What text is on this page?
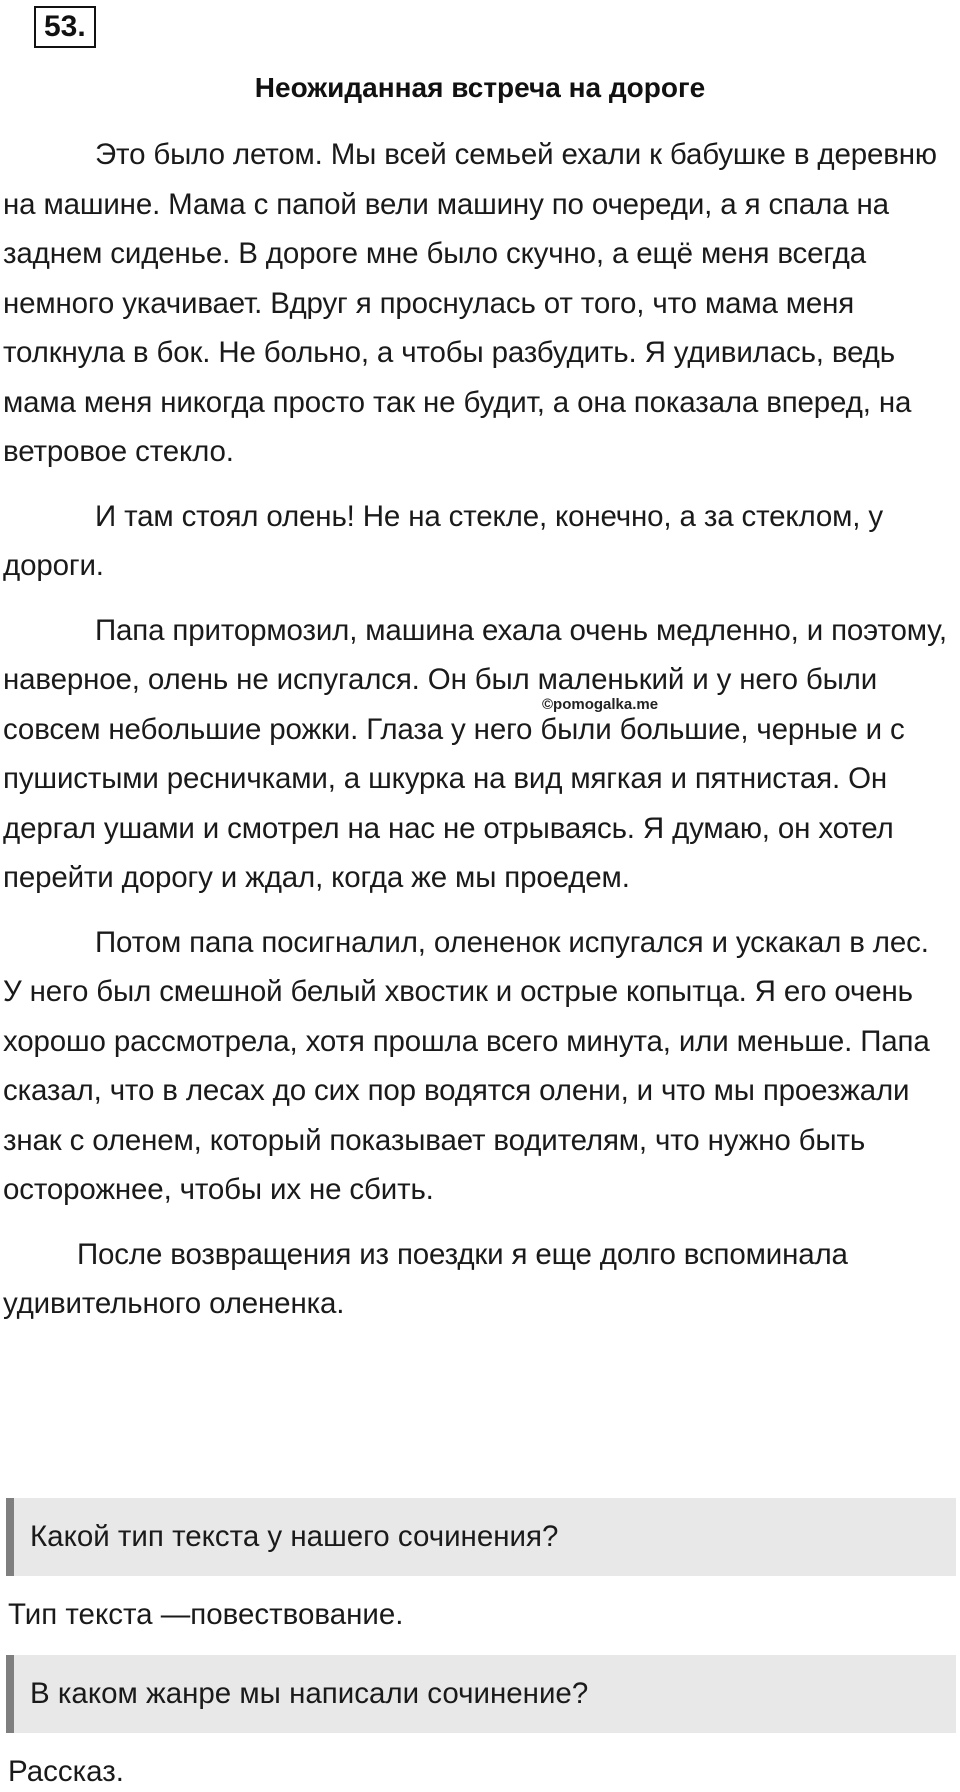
53.
Неожиданная встреча на дороге

Это было летом. Мы всей семьей ехали к бабушке в деревню на машине. Мама с папой вели машину по очереди, а я спала на заднем сиденье. В дороге мне было скучно, а ещё меня всегда немного укачивает. Вдруг я проснулась от того, что мама меня толкнула в бок. Не больно, а чтобы разбудить. Я удивилась, ведь мама меня никогда просто так не будит, а она показала вперед, на ветровое стекло.

И там стоял олень! Не на стекле, конечно, а за стеклом, у дороги.

Папа притормозил, машина ехала очень медленно, и поэтому, наверное, олень не испугался. Он был маленький и у него были совсем небольшие рожки. Глаза у него были большие, черные и с пушистыми ресничками, а шкурка на вид мягкая и пятнистая. Он дергал ушами и смотрел на нас не отрываясь. Я думаю, он хотел перейти дорогу и ждал, когда же мы проедем.

Потом папа посигналил, олененок испугался и ускакал в лес. У него был смешной белый хвостик и острые копытца. Я его очень хорошо рассмотрела, хотя прошла всего минута, или меньше. Папа сказал, что в лесах до сих пор водятся олени, и что мы проезжали знак с оленем, который показывает водителям, что нужно быть осторожнее, чтобы их не сбить.

После возвращения из поездки я еще долго вспоминала удивительного олененка.

©pomogalka.me
Какой тип текста у нашего сочинения?
Тип текста —повествование.
В каком жанре мы написали сочинение?
Рассказ.
